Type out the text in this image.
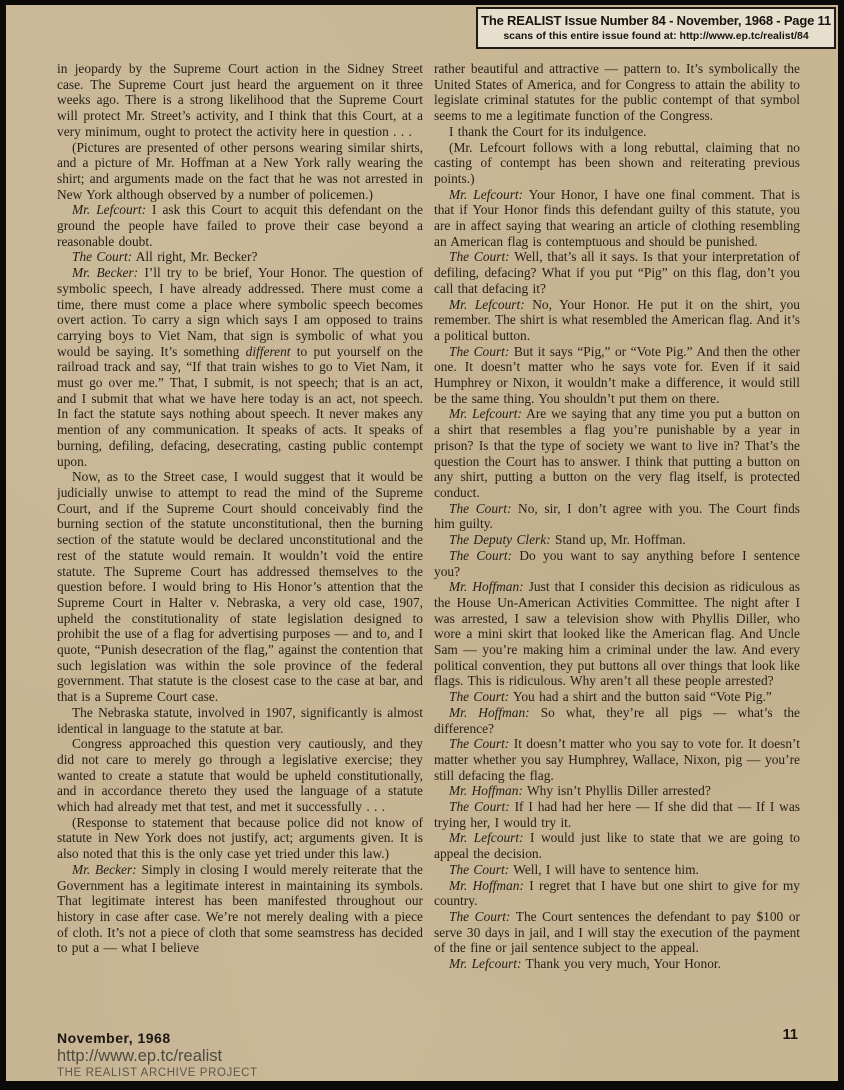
The REALIST Issue Number 84 - November, 1968 - Page 11
scans of this entire issue found at: http://www.ep.tc/realist/84

in jeopardy by the Supreme Court action in the Sidney Street case. The Supreme Court just heard the arguement on it three weeks ago. There is a strong likelihood that the Supreme Court will protect Mr. Street’s activity, and I think that this Court, at a very minimum, ought to protect the activity here in question . . .

(Pictures are presented of other persons wearing similar shirts, and a picture of Mr. Hoffman at a New York rally wearing the shirt; and arguments made on the fact that he was not arrested in New York although observed by a number of policemen.)

Mr. Lefcourt: I ask this Court to acquit this defendant on the ground the people have failed to prove their case beyond a reasonable doubt.

The Court: All right, Mr. Becker?

Mr. Becker: I’ll try to be brief, Your Honor. The question of symbolic speech, I have already addressed. There must come a time, there must come a place where symbolic speech becomes overt action. To carry a sign which says I am opposed to trains carrying boys to Viet Nam, that sign is symbolic of what you would be saying. It’s something different to put yourself on the railroad track and say, “If that train wishes to go to Viet Nam, it must go over me.” That, I submit, is not speech; that is an act, and I submit that what we have here today is an act, not speech. In fact the statute says nothing about speech. It never makes any mention of any communication. It speaks of acts. It speaks of burning, defiling, defacing, desecrating, casting public contempt upon.

Now, as to the Street case, I would suggest that it would be judicially unwise to attempt to read the mind of the Supreme Court, and if the Supreme Court should conceivably find the burning section of the statute unconstitutional, then the burning section of the statute would be declared unconstitutional and the rest of the statute would remain. It wouldn’t void the entire statute. The Supreme Court has addressed themselves to the question before. I would bring to His Honor’s attention that the Supreme Court in Halter v. Nebraska, a very old case, 1907, upheld the constitutionality of state legislation designed to prohibit the use of a flag for advertising purposes — and to, and I quote, “Punish desecration of the flag,” against the contention that such legislation was within the sole province of the federal government. That statute is the closest case to the case at bar, and that is a Supreme Court case.

The Nebraska statute, involved in 1907, significantly is almost identical in language to the statute at bar.

Congress approached this question very cautiously, and they did not care to merely go through a legislative exercise; they wanted to create a statute that would be upheld constitutionally, and in accordance thereto they used the language of a statute which had already met that test, and met it successfully . . .

(Response to statement that because police did not know of statute in New York does not justify, act; arguments given. It is also noted that this is the only case yet tried under this law.)

Mr. Becker: Simply in closing I would merely reiterate that the Government has a legitimate interest in maintaining its symbols. That legitimate interest has been manifested throughout our history in case after case. We’re not merely dealing with a piece of cloth. It’s not a piece of cloth that some seamstress has decided to put a — what I believe

rather beautiful and attractive — pattern to. It’s symbolically the United States of America, and for Congress to attain the ability to legislate criminal statutes for the public contempt of that symbol seems to me a legitimate function of the Congress.

I thank the Court for its indulgence.

(Mr. Lefcourt follows with a long rebuttal, claiming that no casting of contempt has been shown and reiterating previous points.)

Mr. Lefcourt: Your Honor, I have one final comment. That is that if Your Honor finds this defendant guilty of this statute, you are in affect saying that wearing an article of clothing resembling an American flag is contemptuous and should be punished.

The Court: Well, that’s all it says. Is that your interpretation of defiling, defacing? What if you put “Pig” on this flag, don’t you call that defacing it?

Mr. Lefcourt: No, Your Honor. He put it on the shirt, you remember. The shirt is what resembled the American flag. And it’s a political button.

The Court: But it says “Pig,” or “Vote Pig.” And then the other one. It doesn’t matter who he says vote for. Even if it said Humphrey or Nixon, it wouldn’t make a difference, it would still be the same thing. You shouldn’t put them on there.

Mr. Lefcourt: Are we saying that any time you put a button on a shirt that resembles a flag you’re punishable by a year in prison? Is that the type of society we want to live in? That’s the question the Court has to answer. I think that putting a button on any shirt, putting a button on the very flag itself, is protected conduct.

The Court: No, sir, I don’t agree with you. The Court finds him guilty.

The Deputy Clerk: Stand up, Mr. Hoffman.

The Court: Do you want to say anything before I sentence you?

Mr. Hoffman: Just that I consider this decision as ridiculous as the House Un-American Activities Committee. The night after I was arrested, I saw a television show with Phyllis Diller, who wore a mini skirt that looked like the American flag. And Uncle Sam — you’re making him a criminal under the law. And every political convention, they put buttons all over things that look like flags. This is ridiculous. Why aren’t all these people arrested?

The Court: You had a shirt and the button said “Vote Pig.”

Mr. Hoffman: So what, they’re all pigs — what’s the difference?

The Court: It doesn’t matter who you say to vote for. It doesn’t matter whether you say Humphrey, Wallace, Nixon, pig — you’re still defacing the flag.

Mr. Hoffman: Why isn’t Phyllis Diller arrested?

The Court: If I had had her here — If she did that — If I was trying her, I would try it.

Mr. Lefcourt: I would just like to state that we are going to appeal the decision.

The Court: Well, I will have to sentence him.

Mr. Hoffman: I regret that I have but one shirt to give for my country.

The Court: The Court sentences the defendant to pay $100 or serve 30 days in jail, and I will stay the execution of the payment of the fine or jail sentence subject to the appeal.

Mr. Lefcourt: Thank you very much, Your Honor.

November, 1968
http://www.ep.tc/realist
THE REALIST ARCHIVE PROJECT
11
